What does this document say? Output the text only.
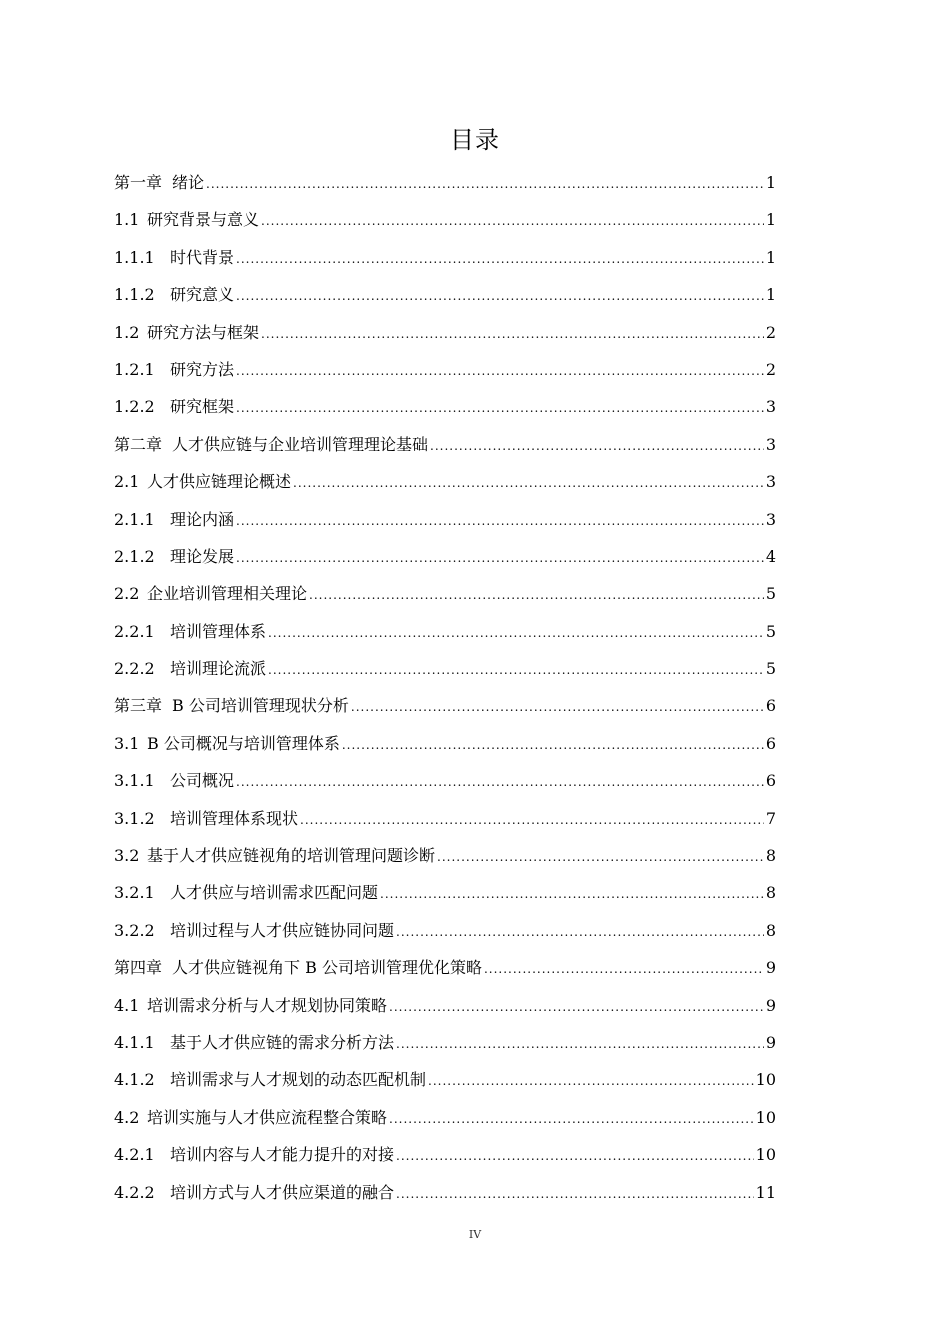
目录
第一章 绪论 .....	1
1.1 研究背景与意义 .....	1
1.1.1 时代背景 .....	1
1.1.2 研究意义 .....	1
1.2 研究方法与框架 .....	2
1.2.1 研究方法 .....	2
1.2.2 研究框架 .....	3
第二章 人才供应链与企业培训管理理论基础 .....	3
2.1 人才供应链理论概述 .....	3
2.1.1 理论内涵 .....	3
2.1.2 理论发展 .....	4
2.2 企业培训管理相关理论 .....	5
2.2.1 培训管理体系 .....	5
2.2.2 培训理论流派 .....	5
第三章 B 公司培训管理现状分析 .....	6
3.1 B 公司概况与培训管理体系 .....	6
3.1.1 公司概况 .....	6
3.1.2 培训管理体系现状 .....	7
3.2 基于人才供应链视角的培训管理问题诊断 .....	8
3.2.1 人才供应与培训需求匹配问题 .....	8
3.2.2 培训过程与人才供应链协同问题 .....	8
第四章 人才供应链视角下 B 公司培训管理优化策略 .....	9
4.1 培训需求分析与人才规划协同策略 .....	9
4.1.1 基于人才供应链的需求分析方法 .....	9
4.1.2 培训需求与人才规划的动态匹配机制 .....	10
4.2 培训实施与人才供应流程整合策略 .....	10
4.2.1 培训内容与人才能力提升的对接 .....	10
4.2.2 培训方式与人才供应渠道的融合 .....	11
IV
